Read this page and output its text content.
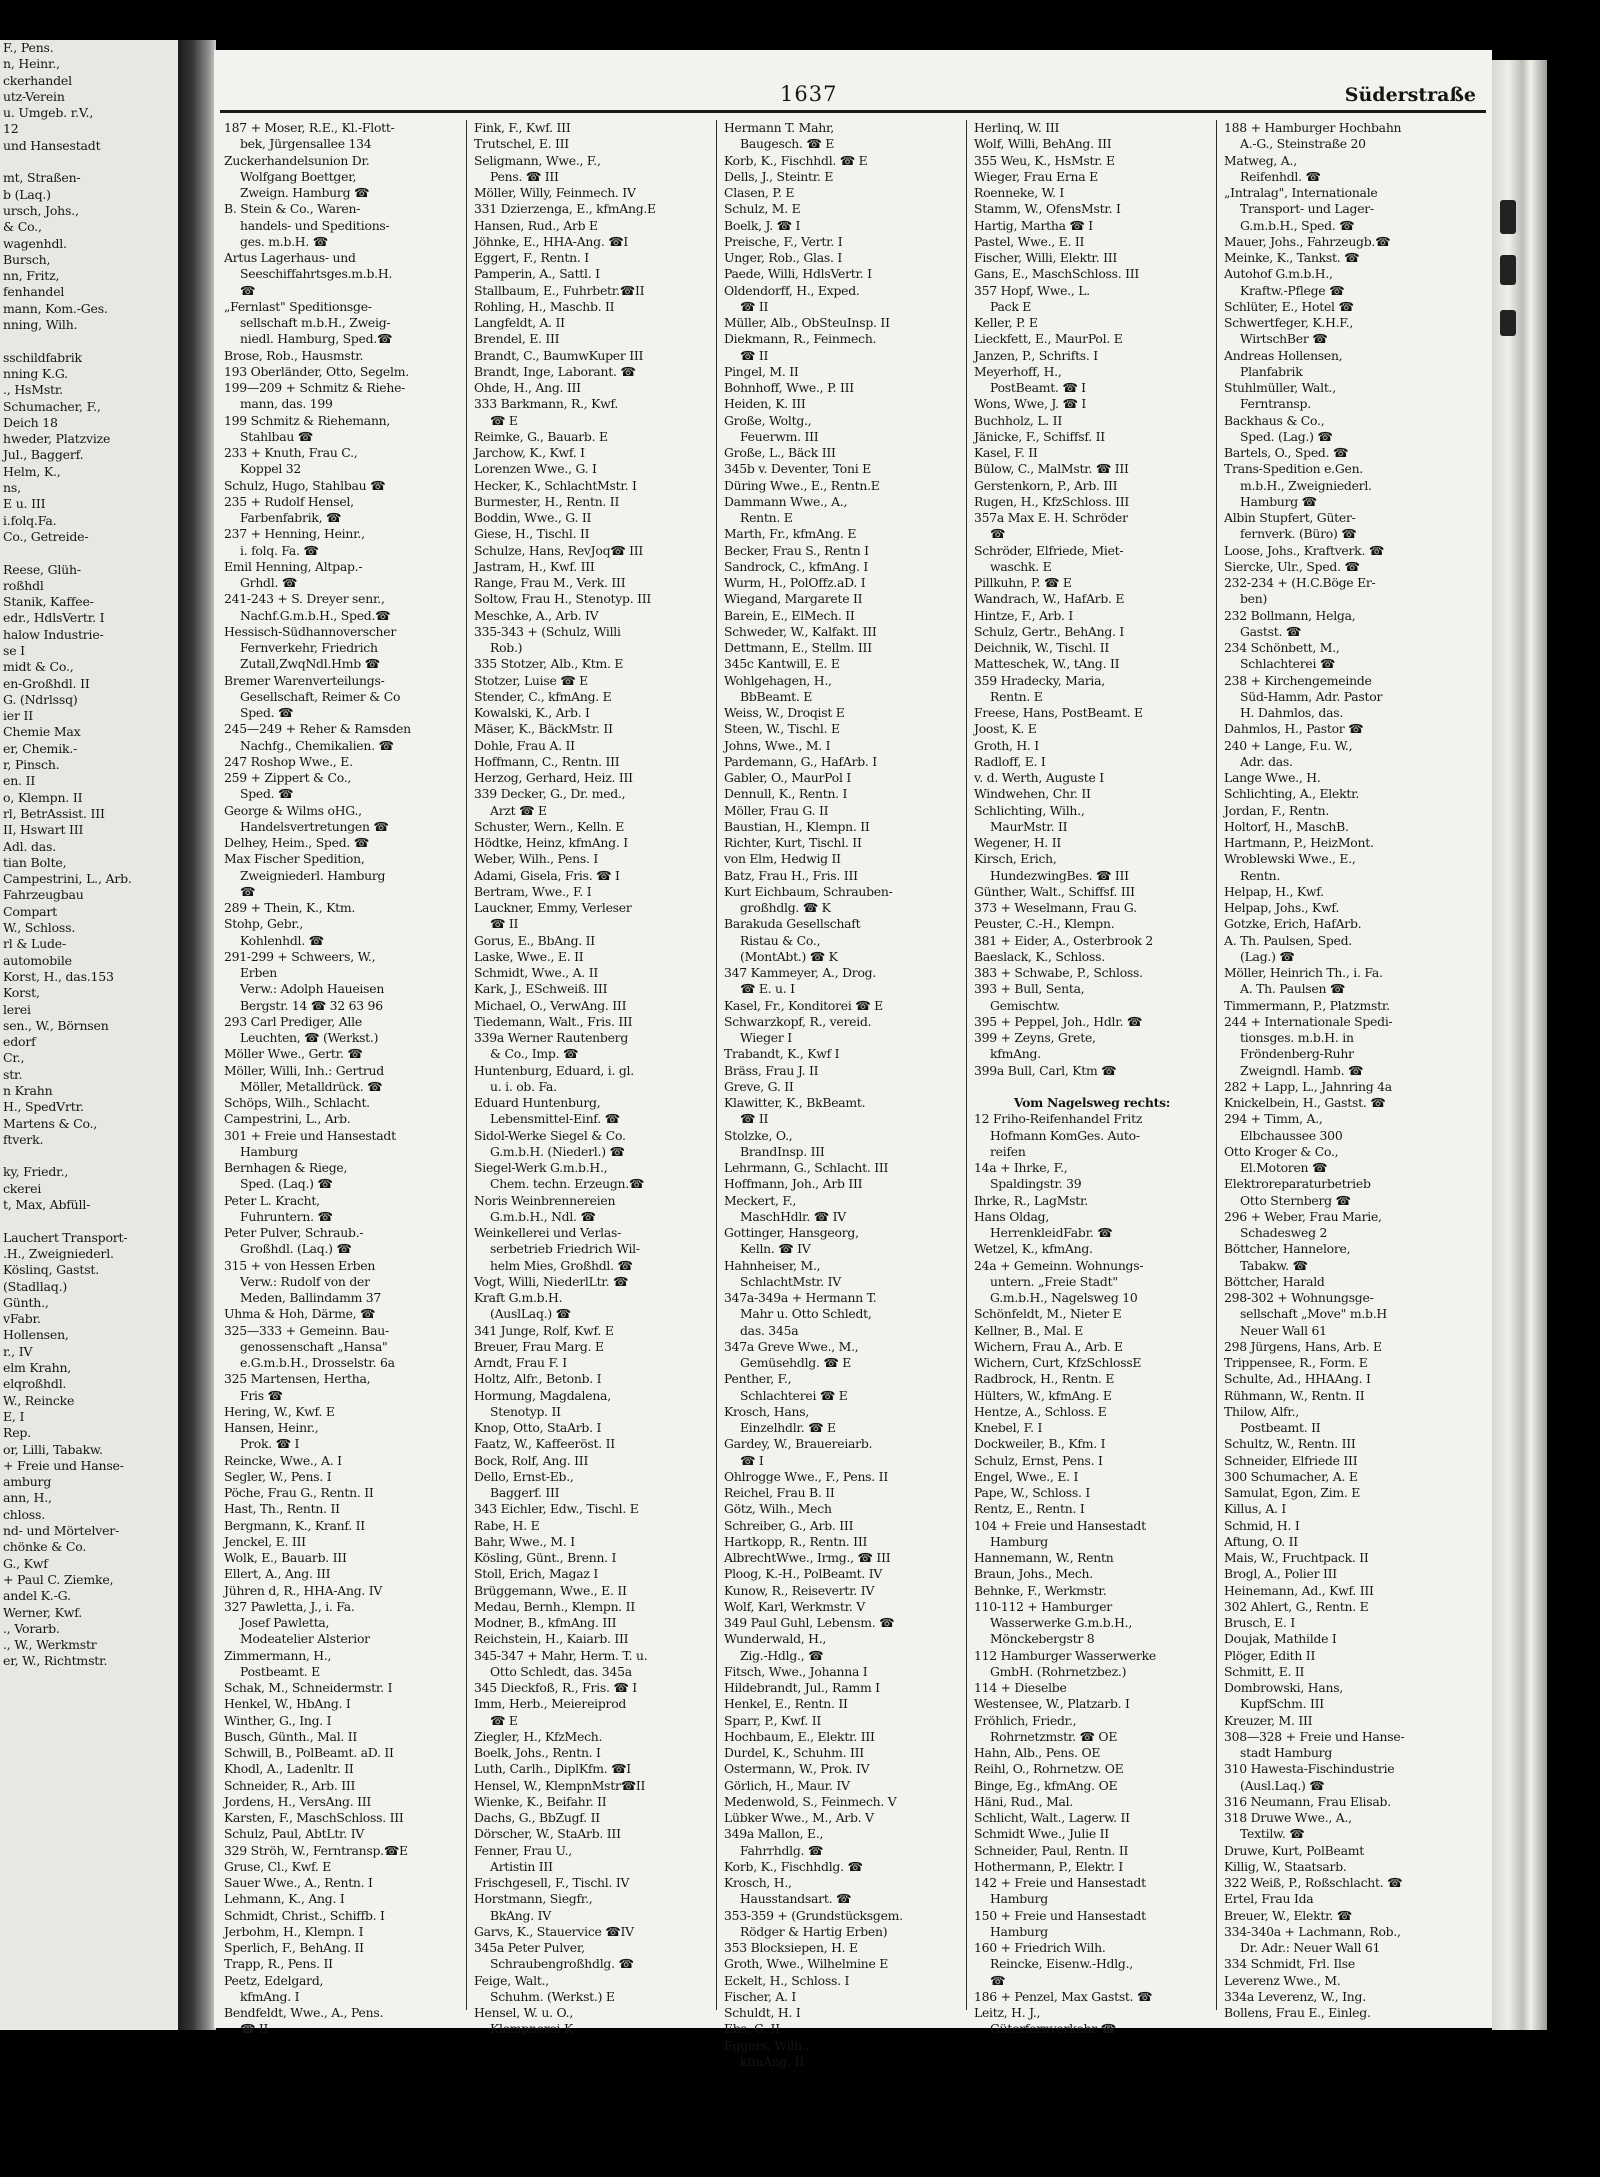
F., Pens.
n, Heinr.,
ckerhandel
utz-Verein
u. Umgeb. r.V.,
12
und Hansestadt

mt, Straßen-
b (Laq.)
ursch, Johs.,
& Co.,
wagenhdl.
Bursch,
nn, Fritz,
fenhandel
mann, Kom.-Ges.
nning, Wilh.

sschildfabrik
nning K.G.
., HsMstr.
Schumacher, F.,
Deich 18
hweder, Platzvize
Jul., Baggerf.
Helm, K.,
ns,
E u. III
i.folq.Fa.
Co., Getreide-

Reese, Glüh-
roßhdl
Stanik, Kaffee-
edr., HdlsVertr. I
halow Industrie-
se I
midt & Co.,
en-Großhdl. II
G. (Ndrlssq)
ier II
Chemie Max
er, Chemik.-
r, Pinsch.
en. II
o, Klempn. II
rl, BetrAssist. III
II, Hswart III
Adl. das.
tian Bolte,
Campestrini, L., Arb.
Fahrzeugbau
Compart
W., Schloss.
rl & Lude-
automobile
Korst, H., das.153
Korst,
lerei
sen., W., Börnsen
edorf
Cr.,
str.
n Krahn
H., SpedVrtr.
Martens & Co.,
ftverk.

ky, Friedr.,
ckerei
t, Max, Abfüll-

Lauchert Transport-
.H., Zweigniederl.
Köslinq, Gastst.
(Stadllaq.)
Günth.,
vFabr.
Hollensen,
r., IV
elm Krahn,
elqroßhdl.
W., Reincke
E, I
Rep.
or, Lilli, Tabakw.
+ Freie und Hanse-
amburg
ann, H.,
chloss.
nd- und Mörtelver-
chönke & Co.
G., Kwf
+ Paul C. Ziemke,
andel K.-G.
Werner, Kwf.
., Vorarb.
., W., Werkmstr
er, W., Richtmstr.
1637	Süderstraße
187 + Moser, R.E., Kl.-Flott-
bek, Jürgensallee 134
Zuckerhandelsunion Dr.
Wolfgang Boettger,
Zweign. Hamburg ☎
B. Stein & Co., Waren-
handels- und Speditions-
ges. m.b.H. ☎
Artus Lagerhaus- und
Seeschiffahrtsges.m.b.H.
☎
„Fernlast" Speditionsge-
sellschaft m.b.H., Zweig-
niedl. Hamburg, Sped.☎
Brose, Rob., Hausmstr.
193 Oberländer, Otto, Segelm.
199—209 + Schmitz & Riehe-
mann, das. 199
199 Schmitz & Riehemann,
Stahlbau ☎
233 + Knuth, Frau C.,
Koppel 32
Schulz, Hugo, Stahlbau ☎
235 + Rudolf Hensel,
Farbenfabrik, ☎
237 + Henning, Heinr.,
i. folq. Fa. ☎
Emil Henning, Altpap.-
Grhdl. ☎
241-243 + S. Dreyer senr.,
Nachf.G.m.b.H., Sped.☎
Hessisch-Südhannoverscher
Fernverkehr, Friedrich
Zutall,ZwqNdl.Hmb ☎
Bremer Warenverteilungs-
Gesellschaft, Reimer & Co
Sped. ☎
245—249 + Reher & Ramsden
Nachfg., Chemikalien. ☎
247 Roshop Wwe., E.
259 + Zippert & Co.,
Sped. ☎
George & Wilms oHG.,
Handelsvertretungen ☎
Delhey, Heim., Sped. ☎
Max Fischer Spedition,
Zweigniederl. Hamburg
☎
289 + Thein, K., Ktm.
Stohp, Gebr.,
Kohlenhdl. ☎
291-299 + Schweers, W.,
Erben
Verw.: Adolph Haueisen
Bergstr. 14 ☎ 32 63 96
293 Carl Prediger, Alle
Leuchten, ☎ (Werkst.)
Möller Wwe., Gertr. ☎
Möller, Willi, Inh.: Gertrud
Möller, Metalldrück. ☎
Schöps, Wilh., Schlacht.
Campestrini, L., Arb.
301 + Freie und Hansestadt
Hamburg
Bernhagen & Riege,
Sped. (Laq.) ☎
Peter L. Kracht,
Fuhruntern. ☎
Peter Pulver, Schraub.-
Großhdl. (Laq.) ☎
315 + von Hessen Erben
Verw.: Rudolf von der
Meden, Ballindamm 37
Uhma & Hoh, Därme, ☎
325—333 + Gemeinn. Bau-
genossenschaft „Hansa"
e.G.m.b.H., Drosselstr. 6a
325 Martensen, Hertha,
Fris ☎
Hering, W., Kwf. E
Hansen, Heinr.,
Prok. ☎ I
Reincke, Wwe., A. I
Segler, W., Pens. I
Pöche, Frau G., Rentn. II
Hast, Th., Rentn. II
Bergmann, K., Kranf. II
Jenckel, E. III
Wolk, E., Bauarb. III
Ellert, A., Ang. III
Jühren d, R., HHA-Ang. IV
327 Pawletta, J., i. Fa.
Josef Pawletta,
Modeatelier Alsterior
Zimmermann, H.,
Postbeamt. E
Schak, M., Schneidermstr. I
Henkel, W., HbAng. I
Winther, G., Ing. I
Busch, Günth., Mal. II
Schwill, B., PolBeamt. aD. II
Khodl, A., Ladenltr. II
Schneider, R., Arb. III
Jordens, H., VersAng. III
Karsten, F., MaschSchloss. III
Schulz, Paul, AbtLtr. IV
329 Ströh, W., Ferntransp.☎E
Gruse, Cl., Kwf. E
Sauer Wwe., A., Rentn. I
Lehmann, K., Ang. I
Schmidt, Christ., Schiffb. I
Jerbohm, H., Klempn. I
Sperlich, F., BehAng. II
Trapp, R., Pens. II
Peetz, Edelgard,
kfmAng. I
Bendfeldt, Wwe., A., Pens.
☎ II
Fink, F., Kwf. III
Trutschel, E. III
Seligmann, Wwe., F.,
Pens. ☎ III
Möller, Willy, Feinmech. IV
331 Dzierzenga, E., kfmAng.E
Hansen, Rud., Arb E
Jöhnke, E., HHA-Ang. ☎I
Eggert, F., Rentn. I
Pamperin, A., Sattl. I
Stallbaum, E., Fuhrbetr.☎II
Rohling, H., Maschb. II
Langfeldt, A. II
Brendel, E. III
Brandt, C., BaumwKuper III
Brandt, Inge, Laborant. ☎
Ohde, H., Ang. III
333 Barkmann, R., Kwf.
☎ E
Reimke, G., Bauarb. E
Jarchow, K., Kwf. I
Lorenzen Wwe., G. I
Hecker, K., SchlachtMstr. I
Burmester, H., Rentn. II
Boddin, Wwe., G. II
Giese, H., Tischl. II
Schulze, Hans, RevJoq☎ III
Jastram, H., Kwf. III
Range, Frau M., Verk. III
Soltow, Frau H., Stenotyp. III
Meschke, A., Arb. IV
335-343 + (Schulz, Willi
Rob.)
335 Stotzer, Alb., Ktm. E
Stotzer, Luise ☎ E
Stender, C., kfmAng. E
Kowalski, K., Arb. I
Mäser, K., BäckMstr. II
Dohle, Frau A. II
Hoffmann, C., Rentn. III
Herzog, Gerhard, Heiz. III
339 Decker, G., Dr. med.,
Arzt ☎ E
Schuster, Wern., Kelln. E
Hödtke, Heinz, kfmAng. I
Weber, Wilh., Pens. I
Adami, Gisela, Fris. ☎ I
Bertram, Wwe., F. I
Lauckner, Emmy, Verleser
☎ II
Gorus, E., BbAng. II
Laske, Wwe., E. II
Schmidt, Wwe., A. II
Kark, J., ESchweiß. III
Michael, O., VerwAng. III
Tiedemann, Walt., Fris. III
339a Werner Rautenberg
& Co., Imp. ☎
Huntenburg, Eduard, i. gl.
u. i. ob. Fa.
Eduard Huntenburg,
Lebensmittel-Einf. ☎
Sidol-Werke Siegel & Co.
G.m.b.H. (Niederl.) ☎
Siegel-Werk G.m.b.H.,
Chem. techn. Erzeugn.☎
Noris Weinbrennereien
G.m.b.H., Ndl. ☎
Weinkellerei und Verlas-
serbetrieb Friedrich Wil-
helm Mies, Großhdl. ☎
Vogt, Willi, NiederlLtr. ☎
Kraft G.m.b.H.
(AuslLaq.) ☎
341 Junge, Rolf, Kwf. E
Breuer, Frau Marg. E
Arndt, Frau F. I
Holtz, Alfr., Betonb. I
Hormung, Magdalena,
Stenotyp. II
Knop, Otto, StaArb. I
Faatz, W., Kaffeeröst. II
Bock, Rolf, Ang. III
Dello, Ernst-Eb.,
Baggerf. III
343 Eichler, Edw., Tischl. E
Rabe, H. E
Bahr, Wwe., M. I
Kösling, Günt., Brenn. I
Stoll, Erich, Magaz I
Brüggemann, Wwe., E. II
Medau, Bernh., Klempn. II
Modner, B., kfmAng. III
Reichstein, H., Kaiarb. III
345-347 + Mahr, Herm. T. u.
Otto Schledt, das. 345a
345 Dieckfoß, R., Fris. ☎ I
Imm, Herb., Meiereiprod
☎ E
Ziegler, H., KfzMech.
Boelk, Johs., Rentn. I
Luth, Carlh., DiplKfm. ☎I
Hensel, W., KlempnMstr☎II
Wienke, K., Beifahr. II
Dachs, G., BbZugf. II
Dörscher, W., StaArb. III
Fenner, Frau U.,
Artistin III
Frischgesell, F., Tischl. IV
Horstmann, Siegfr.,
BkAng. IV
Garvs, K., Stauervice ☎IV
345a Peter Pulver,
Schraubengroßhdlg. ☎
Feige, Walt.,
Schuhm. (Werkst.) E
Hensel, W. u. O.,
Klempnerei K
Hermann T. Mahr,
Baugesch. ☎ E
Korb, K., Fischhdl. ☎ E
Dells, J., Steintr. E
Clasen, P. E
Schulz, M. E
Boelk, J. ☎ I
Preische, F., Vertr. I
Unger, Rob., Glas. I
Paede, Willi, HdlsVertr. I
Oldendorff, H., Exped.
☎ II
Müller, Alb., ObSteuInsp. II
Diekmann, R., Feinmech.
☎ II
Pingel, M. II
Bohnhoff, Wwe., P. III
Heiden, K. III
Große, Woltg.,
Feuerwm. III
Große, L., Bäck III
345b v. Deventer, Toni E
Düring Wwe., E., Rentn.E
Dammann Wwe., A.,
Rentn. E
Marth, Fr., kfmAng. E
Becker, Frau S., Rentn I
Sandrock, C., kfmAng. I
Wurm, H., PolOffz.aD. I
Wiegand, Margarete II
Barein, E., ElMech. II
Schweder, W., Kalfakt. III
Dettmann, E., Stellm. III
345c Kantwill, E. E
Wohlgehagen, H.,
BbBeamt. E
Weiss, W., Droqist E
Steen, W., Tischl. E
Johns, Wwe., M. I
Pardemann, G., HafArb. I
Gabler, O., MaurPol I
Dennull, K., Rentn. I
Möller, Frau G. II
Baustian, H., Klempn. II
Richter, Kurt, Tischl. II
von Elm, Hedwig II
Batz, Frau H., Fris. III
Kurt Eichbaum, Schrauben-
großhdlg. ☎ K
Barakuda Gesellschaft
Ristau & Co.,
(MontAbt.) ☎ K
347 Kammeyer, A., Drog.
☎ E. u. I
Kasel, Fr., Konditorei ☎ E
Schwarzkopf, R., vereid.
Wieger I
Trabandt, K., Kwf I
Bräss, Frau J. II
Greve, G. II
Klawitter, K., BkBeamt.
☎ II
Stolzke, O.,
BrandInsp. III
Lehrmann, G., Schlacht. III
Hoffmann, Joh., Arb III
Meckert, F.,
MaschHdlr. ☎ IV
Gottinger, Hansgeorg,
Kelln. ☎ IV
Hahnheiser, M.,
SchlachtMstr. IV
347a-349a + Hermann T.
Mahr u. Otto Schledt,
das. 345a
347a Greve Wwe., M.,
Gemüsehdlg. ☎ E
Penther, F.,
Schlachterei ☎ E
Krosch, Hans,
Einzelhdlr. ☎ E
Gardey, W., Brauereiarb.
☎ I
Ohlrogge Wwe., F., Pens. II
Reichel, Frau B. II
Götz, Wilh., Mech
Schreiber, G., Arb. III
Hartkopp, R., Rentn. III
AlbrechtWwe., Irmg., ☎ III
Ploog, K.-H., PolBeamt. IV
Kunow, R., Reisevertr. IV
Wolf, Karl, Werkmstr. V
349 Paul Guhl, Lebensm. ☎
Wunderwald, H.,
Zig.-Hdlg., ☎
Fitsch, Wwe., Johanna I
Hildebrandt, Jul., Ramm I
Henkel, E., Rentn. II
Sparr, P., Kwf. II
Hochbaum, E., Elektr. III
Durdel, K., Schuhm. III
Ostermann, W., Prok. IV
Görlich, H., Maur. IV
Medenwold, S., Feinmech. V
Lübker Wwe., M., Arb. V
349a Mallon, E.,
Fahrrhdlg. ☎
Korb, K., Fischhdlg. ☎
Krosch, H.,
Hausstandsart. ☎
353-359 + (Grundstücksgem.
Rödger & Hartig Erben)
353 Blocksiepen, H. E
Groth, Wwe., Wilhelmine E
Eckelt, H., Schloss. I
Fischer, A. I
Schuldt, H. I
Ebs, G. II
Eggers, Wilh.,
kfmAng. II
Herlinq, W. III
Wolf, Willi, BehAng. III
355 Weu, K., HsMstr. E
Wieger, Frau Erna E
Roenneke, W. I
Stamm, W., OfensMstr. I
Hartig, Martha ☎ I
Pastel, Wwe., E. II
Fischer, Willi, Elektr. III
Gans, E., MaschSchloss. III
357 Hopf, Wwe., L.
Pack E
Keller, P. E
Lieckfett, E., MaurPol. E
Janzen, P., Schrifts. I
Meyerhoff, H.,
PostBeamt. ☎ I
Wons, Wwe, J. ☎ I
Buchholz, L. II
Jänicke, F., Schiffsf. II
Kasel, F. II
Bülow, C., MalMstr. ☎ III
Gerstenkorn, P., Arb. III
Rugen, H., KfzSchloss. III
357a Max E. H. Schröder
☎
Schröder, Elfriede, Miet-
waschk. E
Pillkuhn, P. ☎ E
Wandrach, W., HafArb. E
Hintze, F., Arb. I
Schulz, Gertr., BehAng. I
Deichnik, W., Tischl. II
Matteschek, W., tAng. II
359 Hradecky, Maria,
Rentn. E
Freese, Hans, PostBeamt. E
Joost, K. E
Groth, H. I
Radloff, E. I
v. d. Werth, Auguste I
Windwehen, Chr. II
Schlichting, Wilh.,
MaurMstr. II
Wegener, H. II
Kirsch, Erich,
HundezwingBes. ☎ III
Günther, Walt., Schiffsf. III
373 + Weselmann, Frau G.
Peuster, C.-H., Klempn.
381 + Eider, A., Osterbrook 2
Baeslack, K., Schloss.
383 + Schwabe, P., Schloss.
393 + Bull, Senta,
Gemischtw.
395 + Peppel, Joh., Hdlr. ☎
399 + Zeyns, Grete,
kfmAng.
399a Bull, Carl, Ktm ☎

Vom Nagelsweg rechts:
12 Friho-Reifenhandel Fritz
Hofmann KomGes. Auto-
reifen
14a + Ihrke, F.,
Spaldingstr. 39
Ihrke, R., LagMstr.
Hans Oldag,
HerrenkleidFabr. ☎
Wetzel, K., kfmAng.
24a + Gemeinn. Wohnungs-
untern. „Freie Stadt"
G.m.b.H., Nagelsweg 10
Schönfeldt, M., Nieter E
Kellner, B., Mal. E
Wichern, Frau A., Arb. E
Wichern, Curt, KfzSchlossE
Radbrock, H., Rentn. E
Hülters, W., kfmAng. E
Hentze, A., Schloss. E
Knebel, F. I
Dockweiler, B., Kfm. I
Schulz, Ernst, Pens. I
Engel, Wwe., E. I
Pape, W., Schloss. I
Rentz, E., Rentn. I
104 + Freie und Hansestadt
Hamburg
Hannemann, W., Rentn
Braun, Johs., Mech.
Behnke, F., Werkmstr.
110-112 + Hamburger
Wasserwerke G.m.b.H.,
Mönckebergstr 8
112 Hamburger Wasserwerke
GmbH. (Rohrnetzbez.)
114 + Dieselbe
Westensee, W., Platzarb. I
Fröhlich, Friedr.,
Rohrnetzmstr. ☎ OE
Hahn, Alb., Pens. OE
Reihl, O., Rohrnetzw. OE
Binge, Eg., kfmAng. OE
Häni, Rud., Mal.
Schlicht, Walt., Lagerw. II
Schmidt Wwe., Julie II
Schneider, Paul, Rentn. II
Hothermann, P., Elektr. I
142 + Freie und Hansestadt
Hamburg
150 + Freie und Hansestadt
Hamburg
160 + Friedrich Wilh.
Reincke, Eisenw.-Hdlg.,
☎
186 + Penzel, Max Gastst. ☎
Leitz, H. J.,
Güterfernverkehr ☎
188 + Hamburger Hochbahn
A.-G., Steinstraße 20
Matweg, A.,
Reifenhdl. ☎
„Intralag", Internationale
Transport- und Lager-
G.m.b.H., Sped. ☎
Mauer, Johs., Fahrzeugb.☎
Meinke, K., Tankst. ☎
Autohof G.m.b.H.,
Kraftw.-Pflege ☎
Schlüter, E., Hotel ☎
Schwertfeger, K.H.F.,
WirtschBer ☎
Andreas Hollensen,
Planfabrik
Stuhlmüller, Walt.,
Ferntransp.
Backhaus & Co.,
Sped. (Lag.) ☎
Bartels, O., Sped. ☎
Trans-Spedition e.Gen.
m.b.H., Zweigniederl.
Hamburg ☎
Albin Stupfert, Güter-
fernverk. (Büro) ☎
Loose, Johs., Kraftverk. ☎
Siercke, Ulr., Sped. ☎
232-234 + (H.C.Böge Er-
ben)
232 Bollmann, Helga,
Gastst. ☎
234 Schönbett, M.,
Schlachterei ☎
238 + Kirchengemeinde
Süd-Hamm, Adr. Pastor
H. Dahmlos, das.
Dahmlos, H., Pastor ☎
240 + Lange, F.u. W.,
Adr. das.
Lange Wwe., H.
Schlichting, A., Elektr.
Jordan, F., Rentn.
Holtorf, H., MaschB.
Hartmann, P., HeizMont.
Wroblewski Wwe., E.,
Rentn.
Helpap, H., Kwf.
Helpap, Johs., Kwf.
Gotzke, Erich, HafArb.
A. Th. Paulsen, Sped.
(Lag.) ☎
Möller, Heinrich Th., i. Fa.
A. Th. Paulsen ☎
Timmermann, P., Platzmstr.
244 + Internationale Spedi-
tionsges. m.b.H. in
Fröndenberg-Ruhr
Zweigndl. Hamb. ☎
282 + Lapp, L., Jahnring 4a
Knickelbein, H., Gastst. ☎
294 + Timm, A.,
Elbchaussee 300
Otto Kroger & Co.,
El.Motoren ☎
Elektroreparaturbetrieb
Otto Sternberg ☎
296 + Weber, Frau Marie,
Schadesweg 2
Böttcher, Hannelore,
Tabakw. ☎
Böttcher, Harald
298-302 + Wohnungsge-
sellschaft „Move" m.b.H
Neuer Wall 61
298 Jürgens, Hans, Arb. E
Trippensee, R., Form. E
Schulte, Ad., HHAAng. I
Rühmann, W., Rentn. II
Thilow, Alfr.,
Postbeamt. II
Schultz, W., Rentn. III
Schneider, Elfriede III
300 Schumacher, A. E
Samulat, Egon, Zim. E
Killus, A. I
Schmid, H. I
Aftung, O. II
Mais, W., Fruchtpack. II
Brogl, A., Polier III
Heinemann, Ad., Kwf. III
302 Ahlert, G., Rentn. E
Brusch, E. I
Doujak, Mathilde I
Plöger, Edith II
Schmitt, E. II
Dombrowski, Hans,
KupfSchm. III
Kreuzer, M. III
308—328 + Freie und Hanse-
stadt Hamburg
310 Hawesta-Fischindustrie
(Ausl.Laq.) ☎
316 Neumann, Frau Elisab.
318 Druwe Wwe., A.,
Textilw. ☎
Druwe, Kurt, PolBeamt
Killig, W., Staatsarb.
322 Weiß, P., Roßschlacht. ☎
Ertel, Frau Ida
Breuer, W., Elektr. ☎
334-340a + Lachmann, Rob.,
Dr. Adr.: Neuer Wall 61
334 Schmidt, Frl. Ilse
Leverenz Wwe., M.
334a Leverenz, W., Ing.
Bollens, Frau E., Einleg.
